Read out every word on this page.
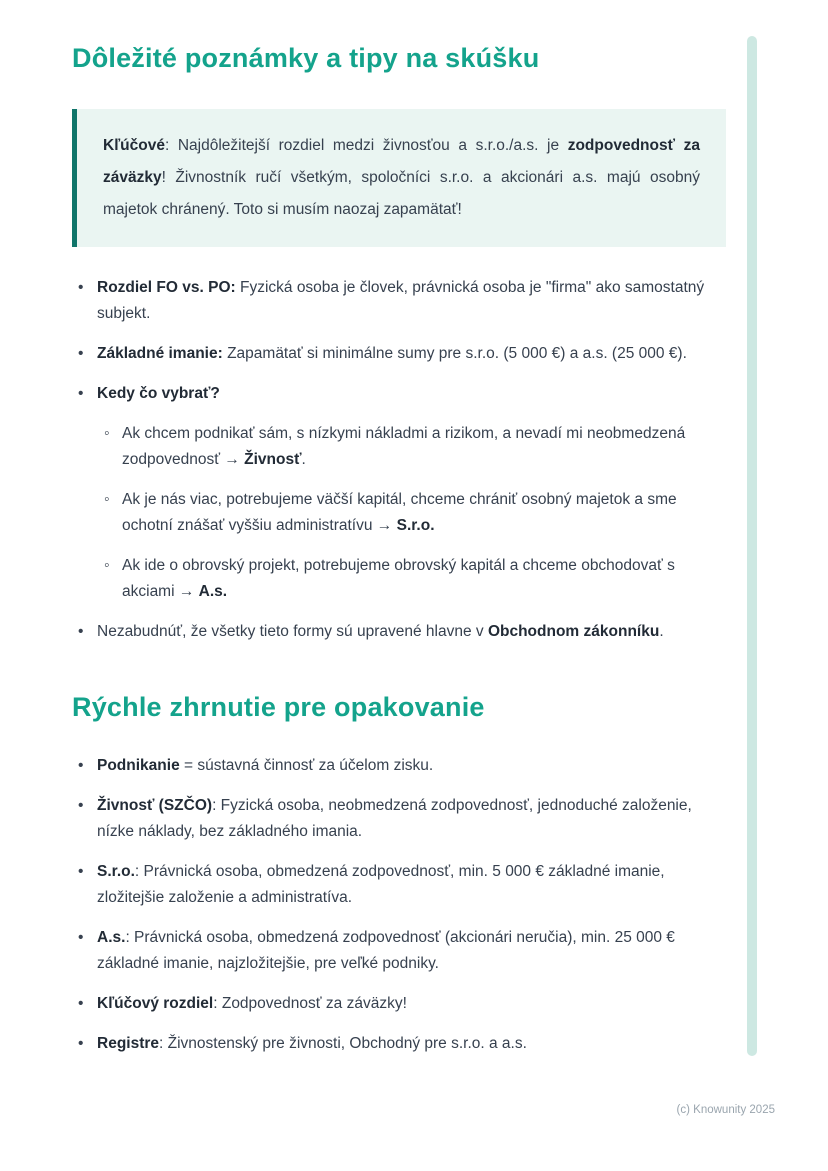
Dôležité poznámky a tipy na skúšku

Kľúčové: Najdôležitejší rozdiel medzi živnosťou a s.r.o./a.s. je zodpovednosť za záväzky! Živnostník ručí všetkým, spoločníci s.r.o. a akcionári a.s. majú osobný majetok chránený. Toto si musím naozaj zapamätať!

• Rozdiel FO vs. PO: Fyzická osoba je človek, právnická osoba je "firma" ako samostatný subjekt.
• Základné imanie: Zapamätať si minimálne sumy pre s.r.o. (5 000 €) a a.s. (25 000 €).
• Kedy čo vybrať?
◦ Ak chcem podnikať sám, s nízkymi nákladmi a rizikom, a nevadí mi neobmedzená zodpovednosť → Živnosť.
◦ Ak je nás viac, potrebujeme väčší kapitál, chceme chrániť osobný majetok a sme ochotní znášať vyššiu administratívu → S.r.o.
◦ Ak ide o obrovský projekt, potrebujeme obrovský kapitál a chceme obchodovať s akciami → A.s.
• Nezabudnúť, že všetky tieto formy sú upravené hlavne v Obchodnom zákonníku.
Rýchle zhrnutie pre opakovanie
• Podnikanie = sústavná činnosť za účelom zisku.
• Živnosť (SZČO): Fyzická osoba, neobmedzená zodpovednosť, jednoduché založenie, nízke náklady, bez základného imania.
• S.r.o.: Právnická osoba, obmedzená zodpovednosť, min. 5 000 € základné imanie, zložitejšie založenie a administratíva.
• A.s.: Právnická osoba, obmedzená zodpovednosť (akcionári neručia), min. 25 000 € základné imanie, najzložitejšie, pre veľké podniky.
• Kľúčový rozdiel: Zodpovednosť za záväzky!
• Registre: Živnostenský pre živnosti, Obchodný pre s.r.o. a a.s.
(c) Knowunity 2025
